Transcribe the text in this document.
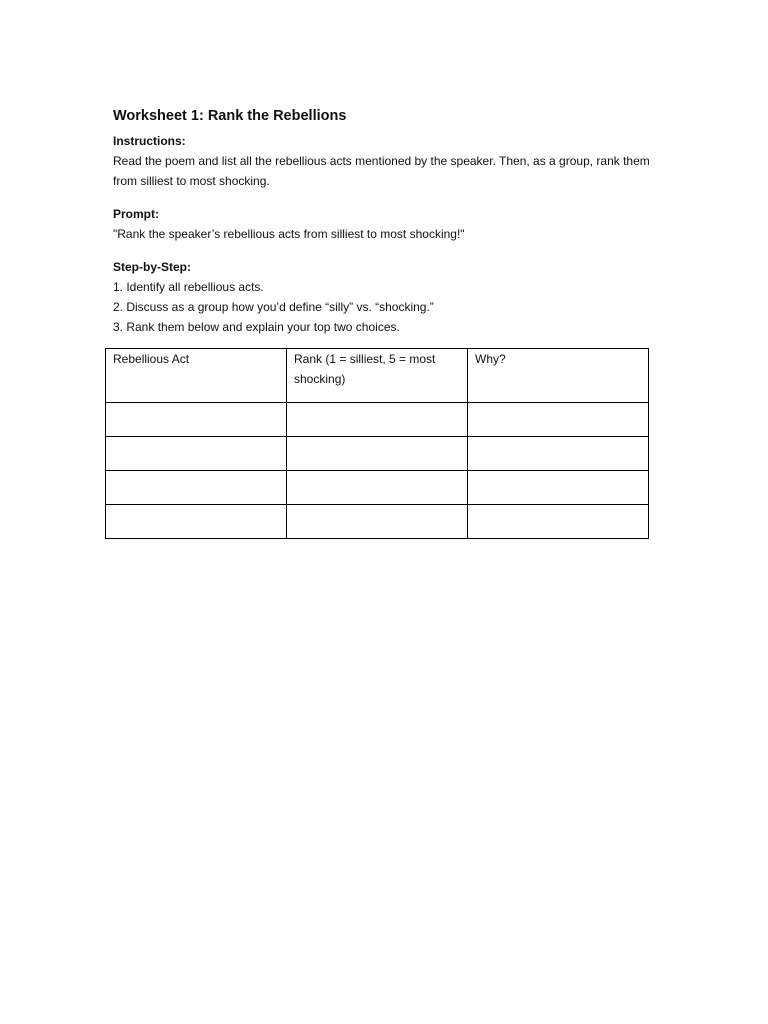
Worksheet 1: Rank the Rebellions

Instructions:

Read the poem and list all the rebellious acts mentioned by the speaker. Then, as a group, rank them from silliest to most shocking.

Prompt:

"Rank the speaker’s rebellious acts from silliest to most shocking!"

Step-by-Step:

1. Identify all rebellious acts.
2. Discuss as a group how you’d define “silly” vs. “shocking.”
3. Rank them below and explain your top two choices.
Rebellious Act	Rank (1 = silliest, 5 = most shocking)	Why?
